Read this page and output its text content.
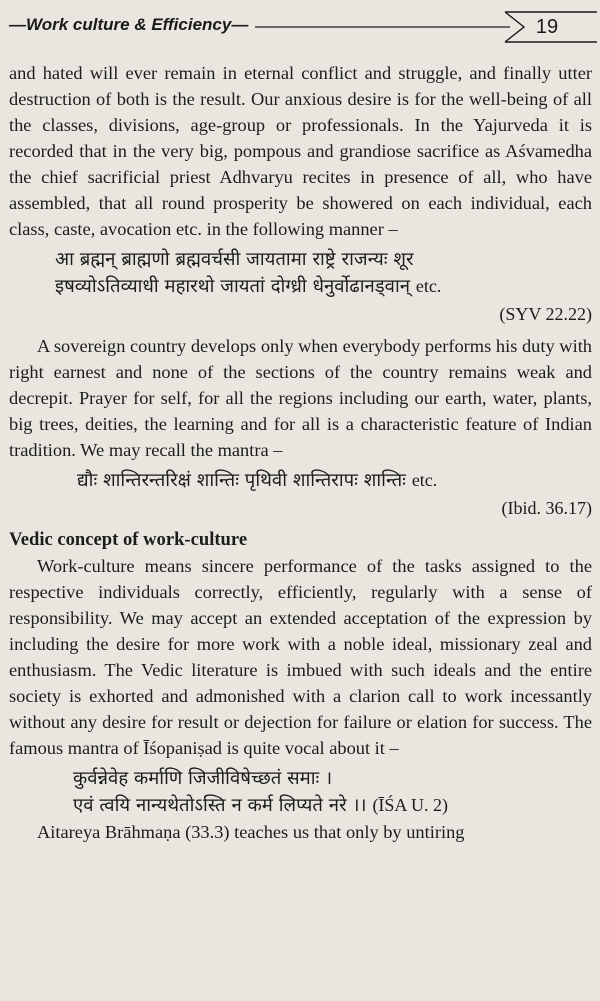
—Work culture & Efficiency—	19

and hated will ever remain in eternal conflict and struggle, and finally utter destruction of both is the result. Our anxious desire is for the well-being of all the classes, divisions, age-group or professionals. In the Yajurveda it is recorded that in the very big, pompous and grandiose sacrifice as Aśvamedha the chief sacrificial priest Adhvaryu recites in presence of all, who have assembled, that all round prosperity be showered on each individual, each class, caste, avocation etc. in the following manner –

आ ब्रह्मन् ब्राह्मणो ब्रह्मवर्चसी जायतामा राष्ट्रे राजन्यः शूर
इषव्योऽतिव्याधी महारथो जायतां दोग्ध्री धेनुर्वोढानड्वान् etc.
(SYV 22.22)

A sovereign country develops only when everybody performs his duty with right earnest and none of the sections of the country remains weak and decrepit. Prayer for self, for all the regions including our earth, water, plants, big trees, deities, the learning and for all is a characteristic feature of Indian tradition. We may recall the mantra –

द्यौः शान्तिरन्तरिक्षं शान्तिः पृथिवी शान्तिरापः शान्तिः etc.
(Ibid. 36.17)
Vedic concept of work-culture

Work-culture means sincere performance of the tasks assigned to the respective individuals correctly, efficiently, regularly with a sense of responsibility. We may accept an extended acceptation of the expression by including the desire for more work with a noble ideal, missionary zeal and enthusiasm. The Vedic literature is imbued with such ideals and the entire society is exhorted and admonished with a clarion call to work incessantly without any desire for result or dejection for failure or elation for success. The famous mantra of Īśopaniṣad is quite vocal about it –

कुर्वन्नेवेह कर्माणि जिजीविषेच्छतं समाः ।
एवं त्वयि नान्यथेतोऽस्ति न कर्म लिप्यते नरे ।। (ĪŚA U. 2)

Aitareya Brāhmaṇa (33.3) teaches us that only by untiring
